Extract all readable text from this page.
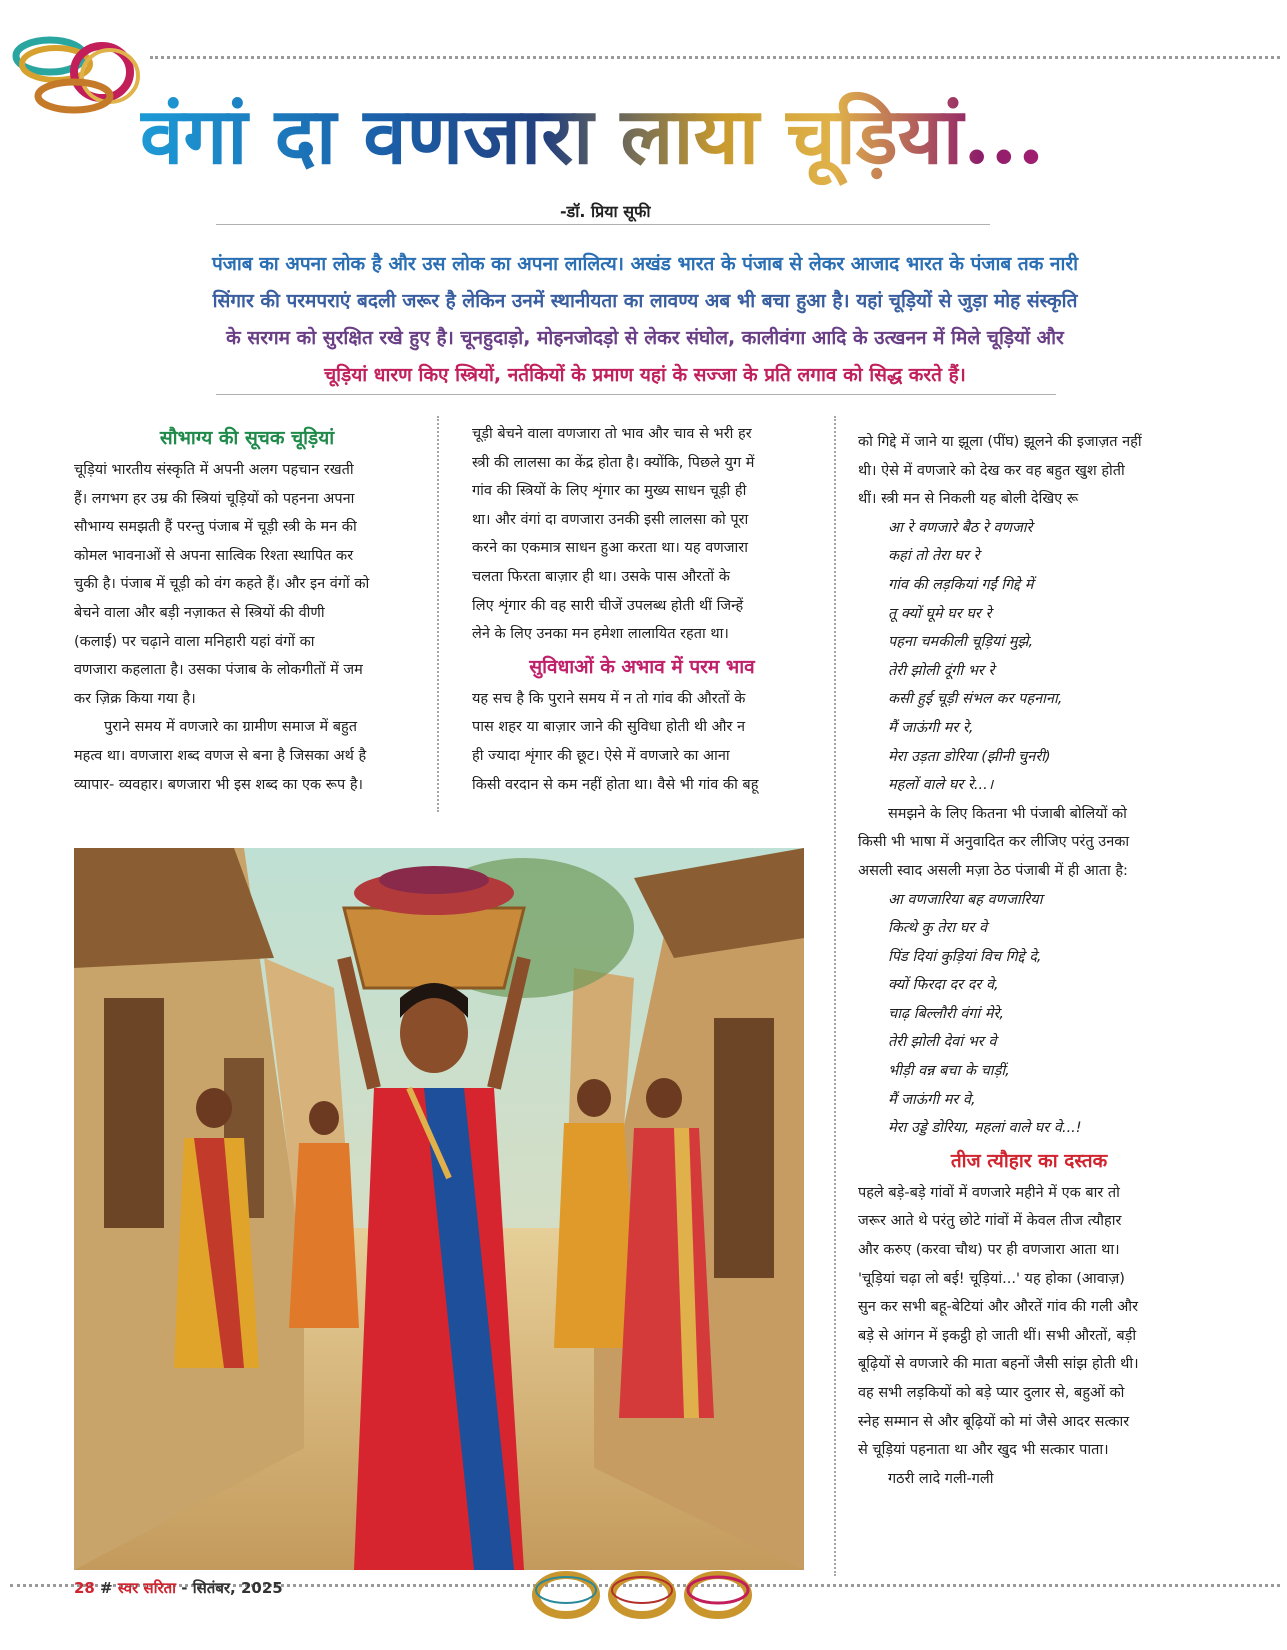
वंगां दा वणजारा लाया चूड़ियां...
-डॉ. प्रिया सूफी
पंजाब का अपना लोक है और उस लोक का अपना लालित्य। अखंड भारत के पंजाब से लेकर आजाद भारत के पंजाब तक नारी
सिंगार की परमपराएं बदली जरूर है लेकिन उनमें स्थानीयता का लावण्य अब भी बचा हुआ है। यहां चूड़ियों से जुड़ा मोह संस्कृति
के सरगम को सुरक्षित रखे हुए है। चूनहुदाड़ो, मोहनजोदड़ो से लेकर संघोल, कालीवंगा आदि के उत्खनन में मिले चूड़ियों और
चूड़ियां धारण किए स्त्रियों, नर्तकियों के प्रमाण यहां के सज्जा के प्रति लगाव को सिद्ध करते हैं।
सौभाग्य की सूचक चूड़ियां

चूड़ियां भारतीय संस्कृति में अपनी अलग पहचान रखती
हैं। लगभग हर उम्र की स्त्रियां चूड़ियों को पहनना अपना
सौभाग्य समझती हैं परन्तु पंजाब में चूड़ी स्त्री के मन की
कोमल भावनाओं से अपना सात्विक रिश्ता स्थापित कर
चुकी है। पंजाब में चूड़ी को वंग कहते हैं। और इन वंगों को
बेचने वाला और बड़ी नज़ाकत से स्त्रियों की वीणी
(कलाई) पर चढ़ाने वाला मनिहारी यहां वंगों का
वणजारा कहलाता है। उसका पंजाब के लोकगीतों में जम
कर ज़िक्र किया गया है।

पुराने समय में वणजारे का ग्रामीण समाज में बहुत
महत्व था। वणजारा शब्द वणज से बना है जिसका अर्थ है
व्यापार- व्यवहार। बणजारा भी इस शब्द का एक रूप है।

चूड़ी बेचने वाला वणजारा तो भाव और चाव से भरी हर
स्त्री की लालसा का केंद्र होता है। क्योंकि, पिछले युग में
गांव की स्त्रियों के लिए शृंगार का मुख्य साधन चूड़ी ही
था। और वंगां दा वणजारा उनकी इसी लालसा को पूरा
करने का एकमात्र साधन हुआ करता था। यह वणजारा
चलता फिरता बाज़ार ही था। उसके पास औरतों के
लिए शृंगार की वह सारी चीजें उपलब्ध होती थीं जिन्हें
लेने के लिए उनका मन हमेशा लालायित रहता था।

सुविधाओं के अभाव में परम भाव

यह सच है कि पुराने समय में न तो गांव की औरतों के
पास शहर या बाज़ार जाने की सुविधा होती थी और न
ही ज्यादा शृंगार की छूट। ऐसे में वणजारे का आना
किसी वरदान से कम नहीं होता था। वैसे भी गांव की बहू

को गिद्दे में जाने या झूला (पींघ) झूलने की इजाज़त नहीं
थी। ऐसे में वणजारे को देख कर वह बहुत खुश होती
थीं। स्त्री मन से निकली यह बोली देखिए रू

आ रे वणजारे बैठ रे वणजारे
कहां तो तेरा घर रे
गांव की लड़कियां गईं गिद्दे में
तू क्यों घूमे घर घर रे
पहना चमकीली चूड़ियां मुझे,
तेरी झोली दूंगी भर रे
कसी हुई चूड़ी संभल कर पहनाना,
मैं जाऊंगी मर रे,
मेरा उड़ता डोरिया (झीनी चुनरी)
महलों वाले घर रे...।

समझने के लिए कितना भी पंजाबी बोलियों को
किसी भी भाषा में अनुवादित कर लीजिए परंतु उनका
असली स्वाद असली मज़ा ठेठ पंजाबी में ही आता है:

आ वणजारिया बह वणजारिया
कित्थे कु तेरा घर वे
पिंड दियां कुड़ियां विच गिद्दे दे,
क्यों फिरदा दर दर वे,
चाढ़ बिल्लौरी वंगां मेरे,
तेरी झोली देवां भर वे
भीड़ी वन्न बचा के चाड़ीं,
मैं जाऊंगी मर वे,
मेरा उड्डे डोरिया, महलां वाले घर वे...!

तीज त्यौहार का दस्तक

पहले बड़े-बड़े गांवों में वणजारे महीने में एक बार तो
जरूर आते थे परंतु छोटे गांवों में केवल तीज त्यौहार
और करुए (करवा चौथ) पर ही वणजारा आता था।
'चूड़ियां चढ़ा लो बई! चूड़ियां...' यह होका (आवाज़)
सुन कर सभी बहू-बेटियां और औरतें गांव की गली और
बड़े से आंगन में इकट्ठी हो जाती थीं। सभी औरतों, बड़ी
बूढ़ियों से वणजारे की माता बहनों जैसी सांझ होती थी।
वह सभी लड़कियों को बड़े प्यार दुलार से, बहुओं को
स्नेह सम्मान से और बूढ़ियों को मां जैसे आदर सत्कार
से चूड़ियां पहनाता था और खुद भी सत्कार पाता।

गठरी लादे गली-गली

28 # स्वर सरिता - सितंबर, 2025
